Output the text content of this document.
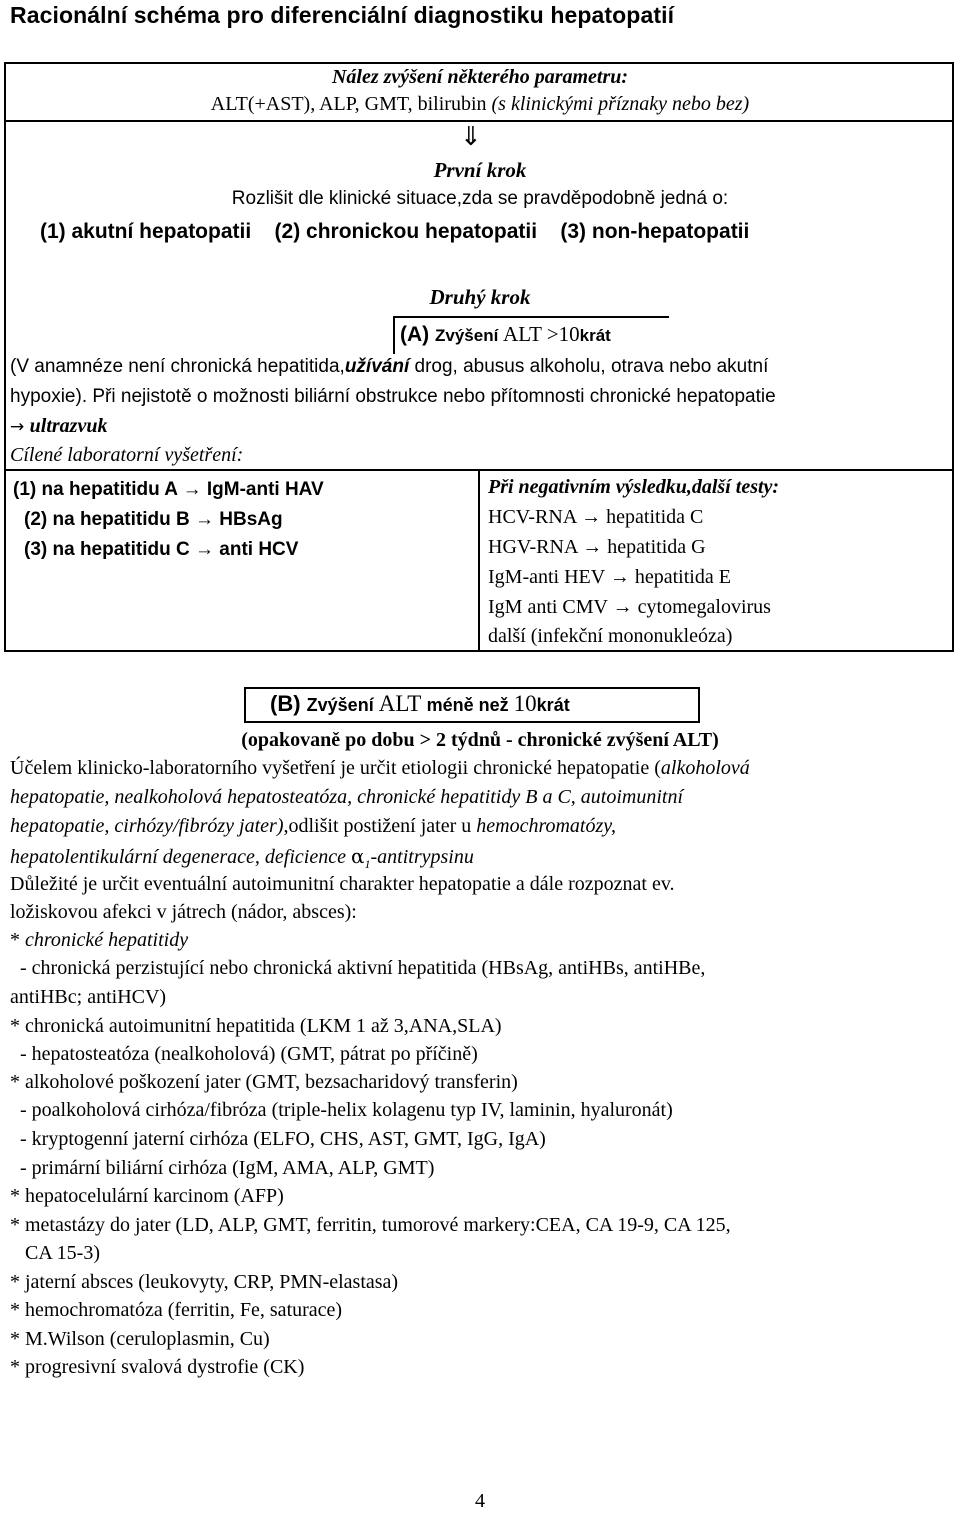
Racionální schéma pro diferenciální diagnostiku hepatopatií
Nález zvýšení některého parametru:
ALT(+AST), ALP, GMT, bilirubin (s klinickými příznaky nebo bez)
⇓
První krok
Rozlišit dle klinické situace,zda se pravděpodobně jedná o:
(1) akutní hepatopatii    (2) chronickou hepatopatii    (3) non-hepatopatii
Druhý krok
(A) Zvýšení ALT >10krát
(V anamnéze není chronická hepatitida,užívání drog, abusus alkoholu, otrava nebo akutní
hypoxie). Při nejistotě o možnosti biliární obstrukce nebo přítomnosti chronické hepatopatie
→ ultrazvuk
Cílené laboratorní vyšetření:
(1) na hepatitidu A → IgM-anti HAV
(2) na hepatitidu B → HBsAg
(3) na hepatitidu C → anti HCV
Při negativním výsledku,další testy:
HCV-RNA → hepatitida C
HGV-RNA → hepatitida G
IgM-anti HEV → hepatitida E
IgM anti CMV → cytomegalovirus
další (infekční mononukleóza)
(B) Zvýšení ALT méně než 10krát
(opakovaně po dobu > 2 týdnů - chronické zvýšení ALT)
Účelem klinicko-laboratorního vyšetření je určit etiologii chronické hepatopatie (alkoholová
hepatopatie, nealkoholová hepatosteatóza, chronické hepatitidy B a C, autoimunitní
hepatopatie, cirhózy/fibrózy jater),odlišit postižení jater u hemochromatózy,
hepatolentikulární degenerace, deficience $\alpha_1$-antitrypsinu
Důležité je určit eventuální autoimunitní charakter hepatopatie a dále rozpoznat ev.
ložiskovou afekci v játrech (nádor, absces):
* chronické hepatitidy
- chronická perzistující nebo chronická aktivní hepatitida (HBsAg, antiHBs, antiHBe,
antiHBc; antiHCV)
* chronická autoimunitní hepatitida (LKM 1 až 3,ANA,SLA)
- hepatosteatóza (nealkoholová) (GMT, pátrat po příčině)
* alkoholové poškození jater (GMT, bezsacharidový transferin)
- poalkoholová cirhóza/fibróza (triple-helix kolagenu typ IV, laminin, hyaluronát)
- kryptogenní jaterní cirhóza (ELFO, CHS, AST, GMT, IgG, IgA)
- primární biliární cirhóza (IgM, AMA, ALP, GMT)
* hepatocelulární karcinom (AFP)
* metastázy do jater (LD, ALP, GMT, ferritin, tumorové markery:CEA, CA 19-9, CA 125,
CA 15-3)
* jaterní absces (leukovyty, CRP, PMN-elastasa)
* hemochromatóza (ferritin, Fe, saturace)
* M.Wilson (ceruloplasmin, Cu)
* progresivní svalová dystrofie (CK)
4
